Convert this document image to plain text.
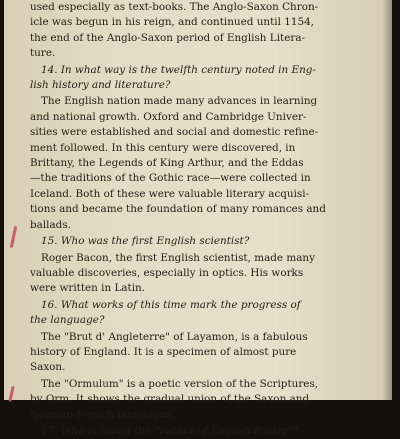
used especially as text-books. The Anglo-Saxon Chron-
icle was begun in his reign, and continued until 1154,
the end of the Anglo-Saxon period of English Litera-
ture.
14. In what way is the twelfth century noted in Eng-
lish history and literature?
The English nation made many advances in learning
and national growth. Oxford and Cambridge Univer-
sities were established and social and domestic refine-
ment followed. In this century were discovered, in
Brittany, the Legends of King Arthur, and the Eddas
—the traditions of the Gothic race—were collected in
Iceland. Both of these were valuable literary acquisi-
tions and became the foundation of many romances and
ballads.
15. Who was the first English scientist?
Roger Bacon, the first English scientist, made many
valuable discoveries, especially in optics. His works
were written in Latin.
16. What works of this time mark the progress of
the language?
The "Brut d' Angleterre" of Layamon, is a fabulous
history of England. It is a specimen of almost pure
Saxon.
The "Ormulum" is a poetic version of the Scriptures,
by Orm. It shows the gradual union of the Saxon and
Norman-French languages.
17. Who is called the "Father of English Poetry"?
